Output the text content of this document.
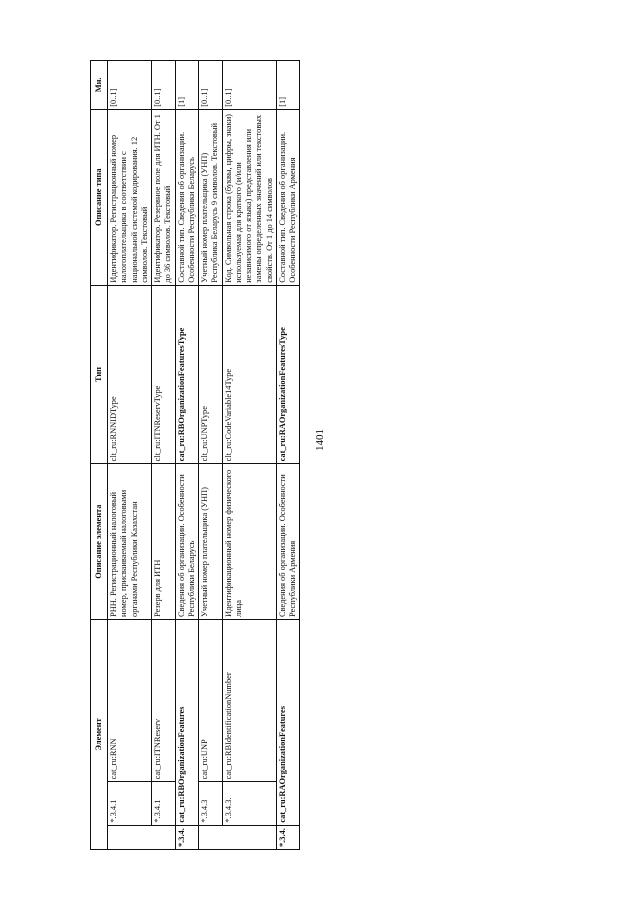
1401
Элемент			Описание элемента	Тип	Описание типа	Мн.
	*.3.4.1	cat_ru:RNN	РНН. Регистрационный налоговый номер, присваиваемый налоговыми органами Республики Казахстан	clt_ru:RNNIDType	Идентификатор. Регистрационный номер налогоплательщика в соответствии с национальной системой кодирования. 12 символов. Текстовый	[0..1]
	*.3.4.1	cat_ru:ITNReserv	Резерв для ИТН	clt_ru:ITNReservType	Идентификатор. Резервное поле для ИТН. От 1 до 36 символов. Текстовый	[0..1]
*.3.4.	cat_ru:RBOrganizationFeatures		Сведения об организации. Особенности Республики Беларусь	cat_ru:RBOrganizationFeaturesType	Составной тип. Сведения об организации. Особенности Республики Беларусь	[1]
	*.3.4.3	cat_ru:UNP	Учетный номер плательщика (УНП)	clt_ru:UNPType	Учетный номер плательщика (УНП) Республика Беларусь 9 символов. Текстовый	[0..1]
	*.3.4.3.	cat_ru:RBIdentificationNumber	Идентификационный номер физического лица	clt_ru:CodeVariable14Type	Код. Символьная строка (буквы, цифры, знаки) используемая для краткого (и/или независимого от языка) представления или замены определенных значений или текстовых свойств. От 1 до 14 символов	[0..1]
*.3.4.	cat_ru:RAOrganizationFeatures		Сведения об организации. Особенности Республики Армения	cat_ru:RAOrganizationFeaturesType	Составной тип. Сведения об организации. Особенности Республики Армения	[1]
